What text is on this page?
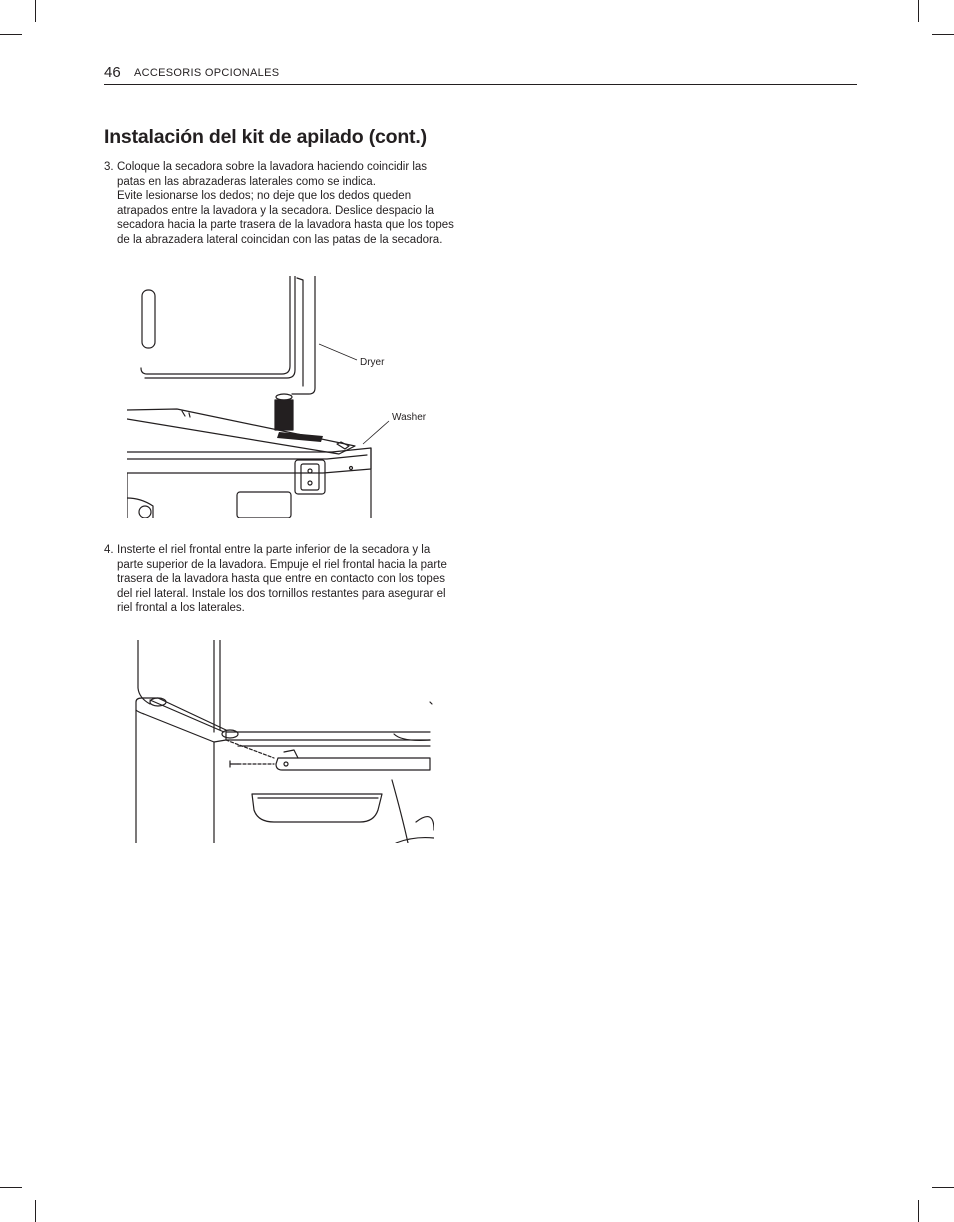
46 ACCESORIS OPCIONALES
Instalación del kit de apilado (cont.)
3. Coloque la secadora sobre la lavadora haciendo coincidir las patas en las abrazaderas laterales como se indica.

Evite lesionarse los dedos; no deje que los dedos queden atrapados entre la lavadora y la secadora. Deslice despacio la secadora hacia la parte trasera de la lavadora hasta que los topes de la abrazadera lateral coincidan con las patas de la secadora.

Dryer
Washer
4. Insterte el riel frontal entre la parte inferior de la secadora y la parte superior de la lavadora. Empuje el riel frontal hacia la parte trasera de la lavadora hasta que entre en contacto con los topes del riel lateral. Instale los dos tornillos restantes para asegurar el riel frontal a los laterales.
